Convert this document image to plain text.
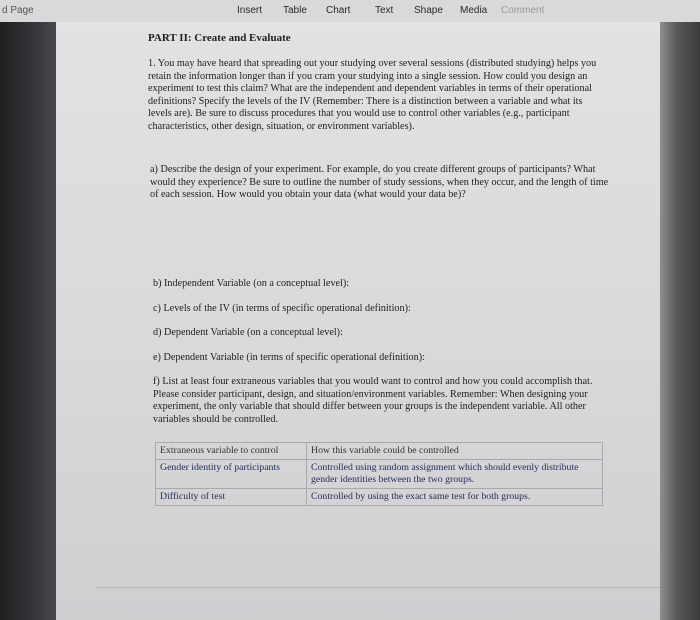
d Page	Insert Table Chart Text Shape Media Comment
PART II: Create and Evaluate
1. You may have heard that spreading out your studying over several sessions (distributed studying) helps you retain the information longer than if you cram your studying into a single session. How could you design an experiment to test this claim? What are the independent and dependent variables in terms of their operational definitions? Specify the levels of the IV (Remember: There is a distinction between a variable and what its levels are). Be sure to discuss procedures that you would use to control other variables (e.g., participant characteristics, other design, situation, or environment variables).
a) Describe the design of your experiment. For example, do you create different groups of participants? What would they experience? Be sure to outline the number of study sessions, when they occur, and the length of time of each session. How would you obtain your data (what would your data be)?
b) Independent Variable (on a conceptual level):
c) Levels of the IV (in terms of specific operational definition):
d) Dependent Variable (on a conceptual level):
e) Dependent Variable (in terms of specific operational definition):
f) List at least four extraneous variables that you would want to control and how you could accomplish that. Please consider participant, design, and situation/environment variables. Remember: When designing your experiment, the only variable that should differ between your groups is the independent variable. All other variables should be controlled.
Extraneous variable to control	How this variable could be controlled
Gender identity of participants	Controlled using random assignment which should evenly distribute gender identities between the two groups.
Difficulty of test	Controlled by using the exact same test for both groups.
